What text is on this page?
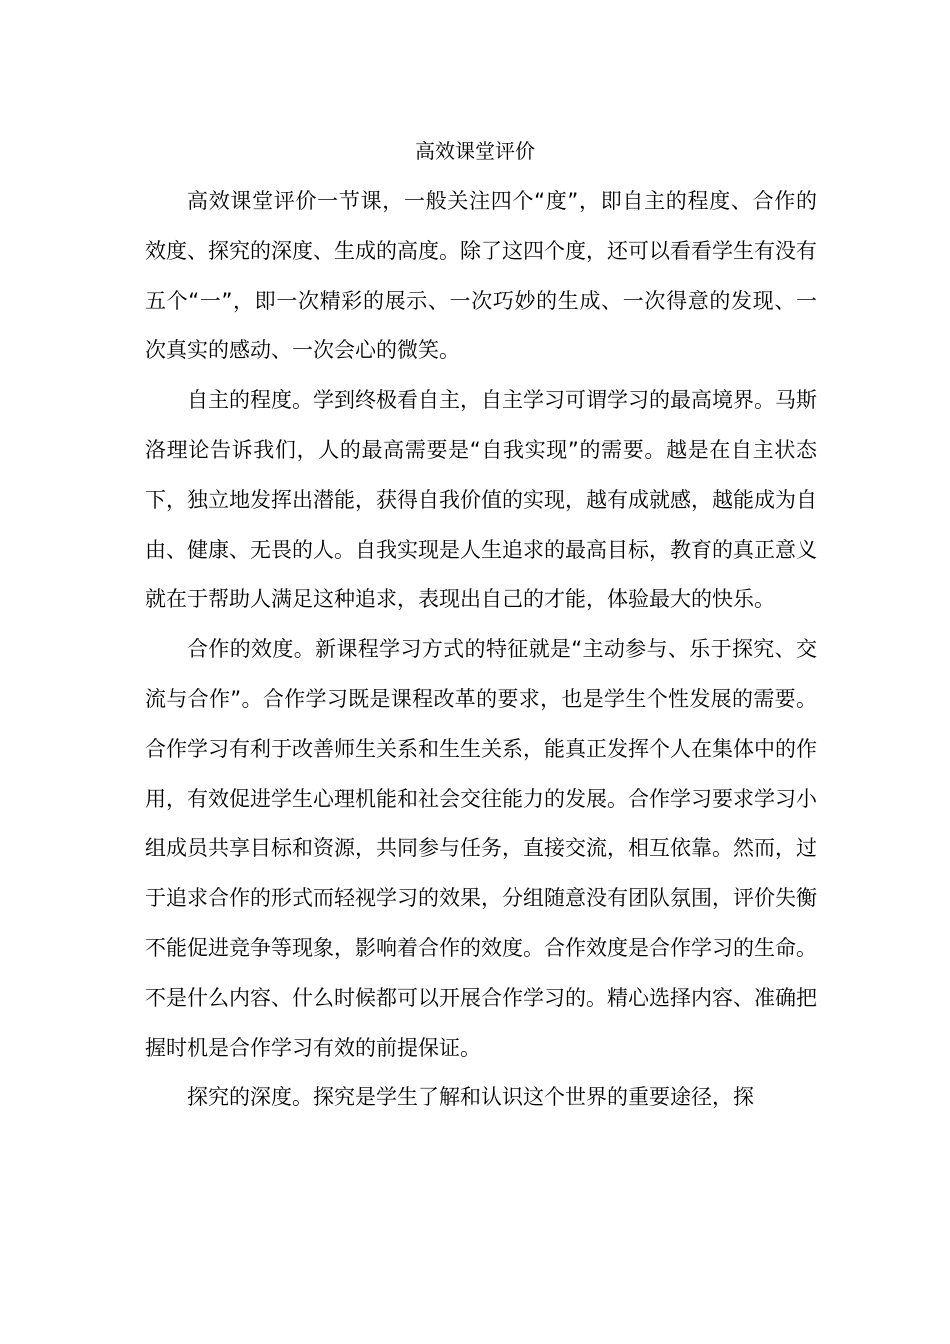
高效课堂评价

高效课堂评价一节课，一般关注四个“度”，即自主的程度、合作的效度、探究的深度、生成的高度。除了这四个度，还可以看看学生有没有五个“一”，即一次精彩的展示、一次巧妙的生成、一次得意的发现、一次真实的感动、一次会心的微笑。

自主的程度。学到终极看自主，自主学习可谓学习的最高境界。马斯洛理论告诉我们，人的最高需要是“自我实现”的需要。越是在自主状态下，独立地发挥出潜能，获得自我价值的实现，越有成就感，越能成为自由、健康、无畏的人。自我实现是人生追求的最高目标，教育的真正意义就在于帮助人满足这种追求，表现出自己的才能，体验最大的快乐。

合作的效度。新课程学习方式的特征就是“主动参与、乐于探究、交流与合作”。合作学习既是课程改革的要求，也是学生个性发展的需要。合作学习有利于改善师生关系和生生关系，能真正发挥个人在集体中的作用，有效促进学生心理机能和社会交往能力的发展。合作学习要求学习小组成员共享目标和资源，共同参与任务，直接交流，相互依靠。然而，过于追求合作的形式而轻视学习的效果，分组随意没有团队氛围，评价失衡不能促进竞争等现象，影响着合作的效度。合作效度是合作学习的生命。不是什么内容、什么时候都可以开展合作学习的。精心选择内容、准确把握时机是合作学习有效的前提保证。

探究的深度。探究是学生了解和认识这个世界的重要途径，探
